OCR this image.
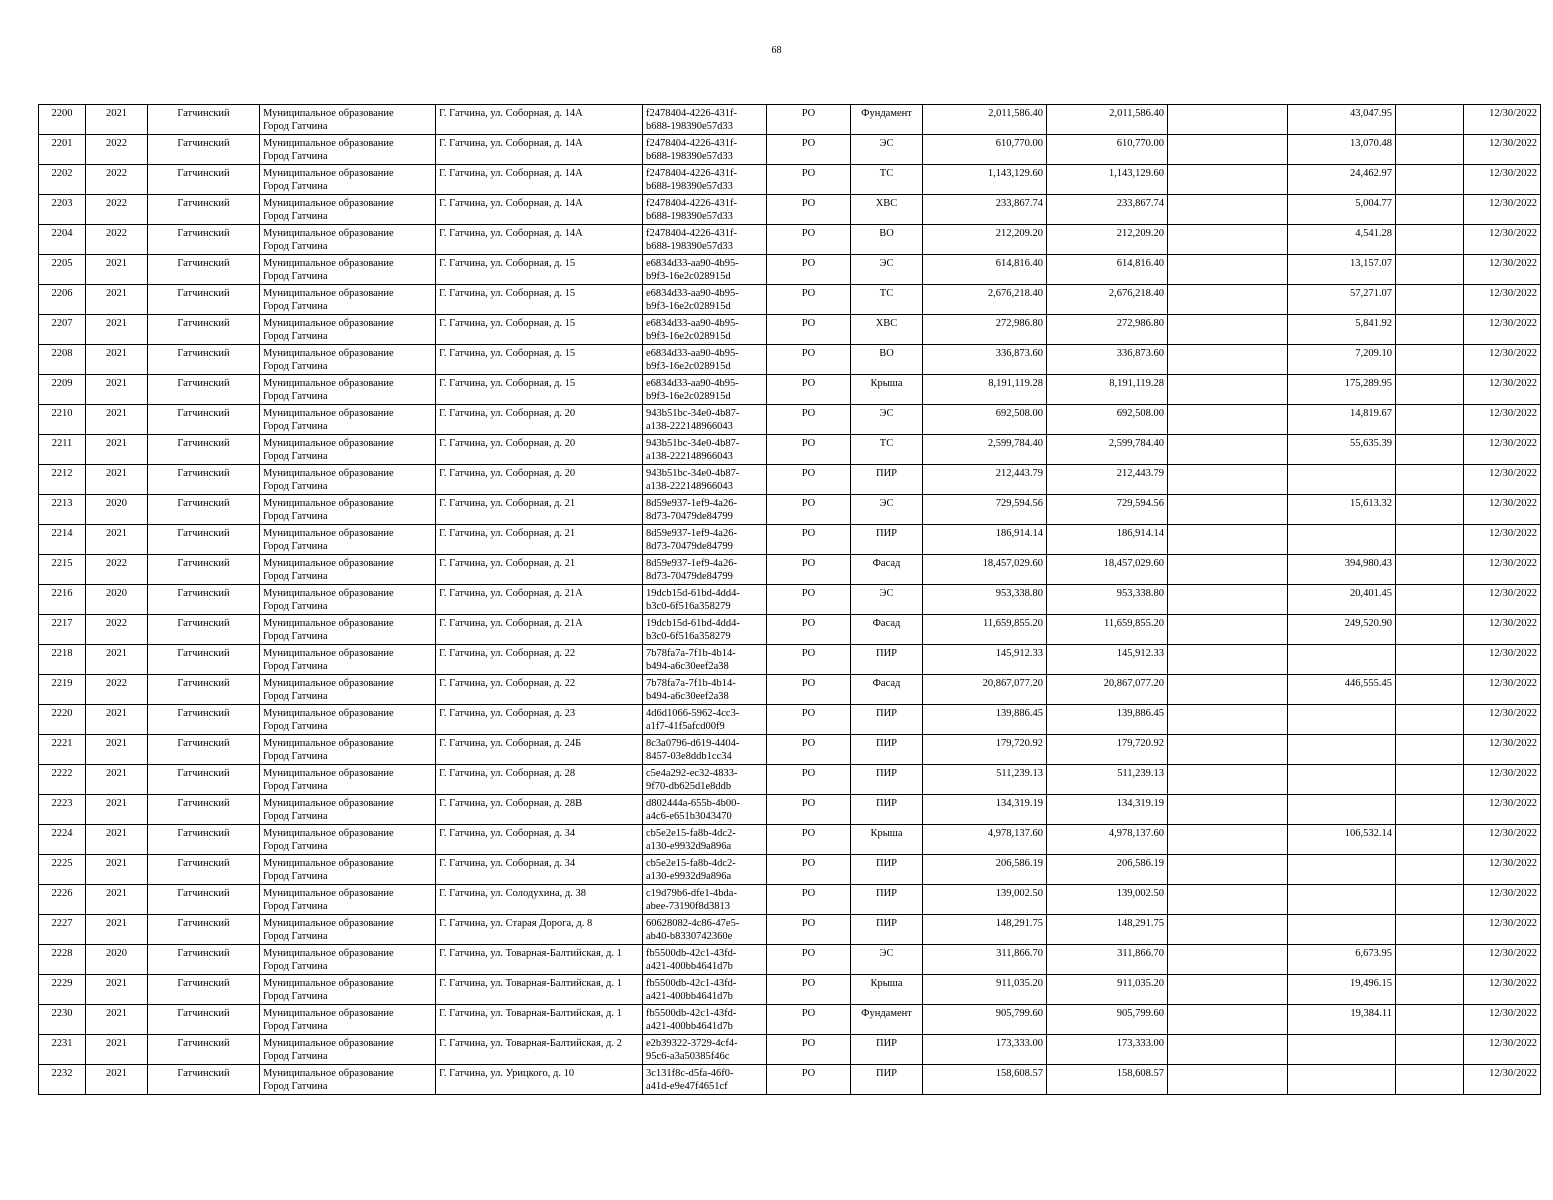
68
2200	2021	Гатчинский	Муниципальное образование
Город Гатчина	Г. Гатчина, ул. Соборная, д. 14А	f2478404-4226-431f-
b688-198390e57d33	РО	Фундамент	2,011,586.40	2,011,586.40		43,047.95		12/30/2022
2201	2022	Гатчинский	Муниципальное образование
Город Гатчина	Г. Гатчина, ул. Соборная, д. 14А	f2478404-4226-431f-
b688-198390e57d33	РО	ЭС	610,770.00	610,770.00		13,070.48		12/30/2022
2202	2022	Гатчинский	Муниципальное образование
Город Гатчина	Г. Гатчина, ул. Соборная, д. 14А	f2478404-4226-431f-
b688-198390e57d33	РО	ТС	1,143,129.60	1,143,129.60		24,462.97		12/30/2022
2203	2022	Гатчинский	Муниципальное образование
Город Гатчина	Г. Гатчина, ул. Соборная, д. 14А	f2478404-4226-431f-
b688-198390e57d33	РО	ХВС	233,867.74	233,867.74		5,004.77		12/30/2022
2204	2022	Гатчинский	Муниципальное образование
Город Гатчина	Г. Гатчина, ул. Соборная, д. 14А	f2478404-4226-431f-
b688-198390e57d33	РО	ВО	212,209.20	212,209.20		4,541.28		12/30/2022
2205	2021	Гатчинский	Муниципальное образование
Город Гатчина	Г. Гатчина, ул. Соборная, д. 15	e6834d33-aa90-4b95-
b9f3-16e2c028915d	РО	ЭС	614,816.40	614,816.40		13,157.07		12/30/2022
2206	2021	Гатчинский	Муниципальное образование
Город Гатчина	Г. Гатчина, ул. Соборная, д. 15	e6834d33-aa90-4b95-
b9f3-16e2c028915d	РО	ТС	2,676,218.40	2,676,218.40		57,271.07		12/30/2022
2207	2021	Гатчинский	Муниципальное образование
Город Гатчина	Г. Гатчина, ул. Соборная, д. 15	e6834d33-aa90-4b95-
b9f3-16e2c028915d	РО	ХВС	272,986.80	272,986.80		5,841.92		12/30/2022
2208	2021	Гатчинский	Муниципальное образование
Город Гатчина	Г. Гатчина, ул. Соборная, д. 15	e6834d33-aa90-4b95-
b9f3-16e2c028915d	РО	ВО	336,873.60	336,873.60		7,209.10		12/30/2022
2209	2021	Гатчинский	Муниципальное образование
Город Гатчина	Г. Гатчина, ул. Соборная, д. 15	e6834d33-aa90-4b95-
b9f3-16e2c028915d	РО	Крыша	8,191,119.28	8,191,119.28		175,289.95		12/30/2022
2210	2021	Гатчинский	Муниципальное образование
Город Гатчина	Г. Гатчина, ул. Соборная, д. 20	943b51bc-34e0-4b87-
a138-222148966043	РО	ЭС	692,508.00	692,508.00		14,819.67		12/30/2022
2211	2021	Гатчинский	Муниципальное образование
Город Гатчина	Г. Гатчина, ул. Соборная, д. 20	943b51bc-34e0-4b87-
a138-222148966043	РО	ТС	2,599,784.40	2,599,784.40		55,635.39		12/30/2022
2212	2021	Гатчинский	Муниципальное образование
Город Гатчина	Г. Гатчина, ул. Соборная, д. 20	943b51bc-34e0-4b87-
a138-222148966043	РО	ПИР	212,443.79	212,443.79				12/30/2022
2213	2020	Гатчинский	Муниципальное образование
Город Гатчина	Г. Гатчина, ул. Соборная, д. 21	8d59e937-1ef9-4a26-
8d73-70479de84799	РО	ЭС	729,594.56	729,594.56		15,613.32		12/30/2022
2214	2021	Гатчинский	Муниципальное образование
Город Гатчина	Г. Гатчина, ул. Соборная, д. 21	8d59e937-1ef9-4a26-
8d73-70479de84799	РО	ПИР	186,914.14	186,914.14				12/30/2022
2215	2022	Гатчинский	Муниципальное образование
Город Гатчина	Г. Гатчина, ул. Соборная, д. 21	8d59e937-1ef9-4a26-
8d73-70479de84799	РО	Фасад	18,457,029.60	18,457,029.60		394,980.43		12/30/2022
2216	2020	Гатчинский	Муниципальное образование
Город Гатчина	Г. Гатчина, ул. Соборная, д. 21А	19dcb15d-61bd-4dd4-
b3c0-6f516a358279	РО	ЭС	953,338.80	953,338.80		20,401.45		12/30/2022
2217	2022	Гатчинский	Муниципальное образование
Город Гатчина	Г. Гатчина, ул. Соборная, д. 21А	19dcb15d-61bd-4dd4-
b3c0-6f516a358279	РО	Фасад	11,659,855.20	11,659,855.20		249,520.90		12/30/2022
2218	2021	Гатчинский	Муниципальное образование
Город Гатчина	Г. Гатчина, ул. Соборная, д. 22	7b78fa7a-7f1b-4b14-
b494-a6c30eef2a38	РО	ПИР	145,912.33	145,912.33				12/30/2022
2219	2022	Гатчинский	Муниципальное образование
Город Гатчина	Г. Гатчина, ул. Соборная, д. 22	7b78fa7a-7f1b-4b14-
b494-a6c30eef2a38	РО	Фасад	20,867,077.20	20,867,077.20		446,555.45		12/30/2022
2220	2021	Гатчинский	Муниципальное образование
Город Гатчина	Г. Гатчина, ул. Соборная, д. 23	4d6d1066-5962-4cc3-
a1f7-41f5afcd00f9	РО	ПИР	139,886.45	139,886.45				12/30/2022
2221	2021	Гатчинский	Муниципальное образование
Город Гатчина	Г. Гатчина, ул. Соборная, д. 24Б	8c3a0796-d619-4404-
8457-03e8ddb1cc34	РО	ПИР	179,720.92	179,720.92				12/30/2022
2222	2021	Гатчинский	Муниципальное образование
Город Гатчина	Г. Гатчина, ул. Соборная, д. 28	c5e4a292-ec32-4833-
9f70-db625d1e8ddb	РО	ПИР	511,239.13	511,239.13				12/30/2022
2223	2021	Гатчинский	Муниципальное образование
Город Гатчина	Г. Гатчина, ул. Соборная, д. 28В	d802444a-655b-4b00-
a4c6-e651b3043470	РО	ПИР	134,319.19	134,319.19				12/30/2022
2224	2021	Гатчинский	Муниципальное образование
Город Гатчина	Г. Гатчина, ул. Соборная, д. 34	cb5e2e15-fa8b-4dc2-
a130-e9932d9a896a	РО	Крыша	4,978,137.60	4,978,137.60		106,532.14		12/30/2022
2225	2021	Гатчинский	Муниципальное образование
Город Гатчина	Г. Гатчина, ул. Соборная, д. 34	cb5e2e15-fa8b-4dc2-
a130-e9932d9a896a	РО	ПИР	206,586.19	206,586.19				12/30/2022
2226	2021	Гатчинский	Муниципальное образование
Город Гатчина	Г. Гатчина, ул. Солодухина, д. 38	c19d79b6-dfe1-4bda-
abee-73190f8d3813	РО	ПИР	139,002.50	139,002.50				12/30/2022
2227	2021	Гатчинский	Муниципальное образование
Город Гатчина	Г. Гатчина, ул. Старая Дорога, д. 8	60628082-4c86-47e5-
ab40-b8330742360e	РО	ПИР	148,291.75	148,291.75				12/30/2022
2228	2020	Гатчинский	Муниципальное образование
Город Гатчина	Г. Гатчина, ул. Товарная-Балтийская, д. 1	fb5500db-42c1-43fd-
a421-400bb4641d7b	РО	ЭС	311,866.70	311,866.70		6,673.95		12/30/2022
2229	2021	Гатчинский	Муниципальное образование
Город Гатчина	Г. Гатчина, ул. Товарная-Балтийская, д. 1	fb5500db-42c1-43fd-
a421-400bb4641d7b	РО	Крыша	911,035.20	911,035.20		19,496.15		12/30/2022
2230	2021	Гатчинский	Муниципальное образование
Город Гатчина	Г. Гатчина, ул. Товарная-Балтийская, д. 1	fb5500db-42c1-43fd-
a421-400bb4641d7b	РО	Фундамент	905,799.60	905,799.60		19,384.11		12/30/2022
2231	2021	Гатчинский	Муниципальное образование
Город Гатчина	Г. Гатчина, ул. Товарная-Балтийская, д. 2	e2b39322-3729-4cf4-
95c6-a3a50385f46c	РО	ПИР	173,333.00	173,333.00				12/30/2022
2232	2021	Гатчинский	Муниципальное образование
Город Гатчина	Г. Гатчина, ул. Урицкого, д. 10	3c131f8c-d5fa-46f0-
a41d-e9e47f4651cf	РО	ПИР	158,608.57	158,608.57				12/30/2022
